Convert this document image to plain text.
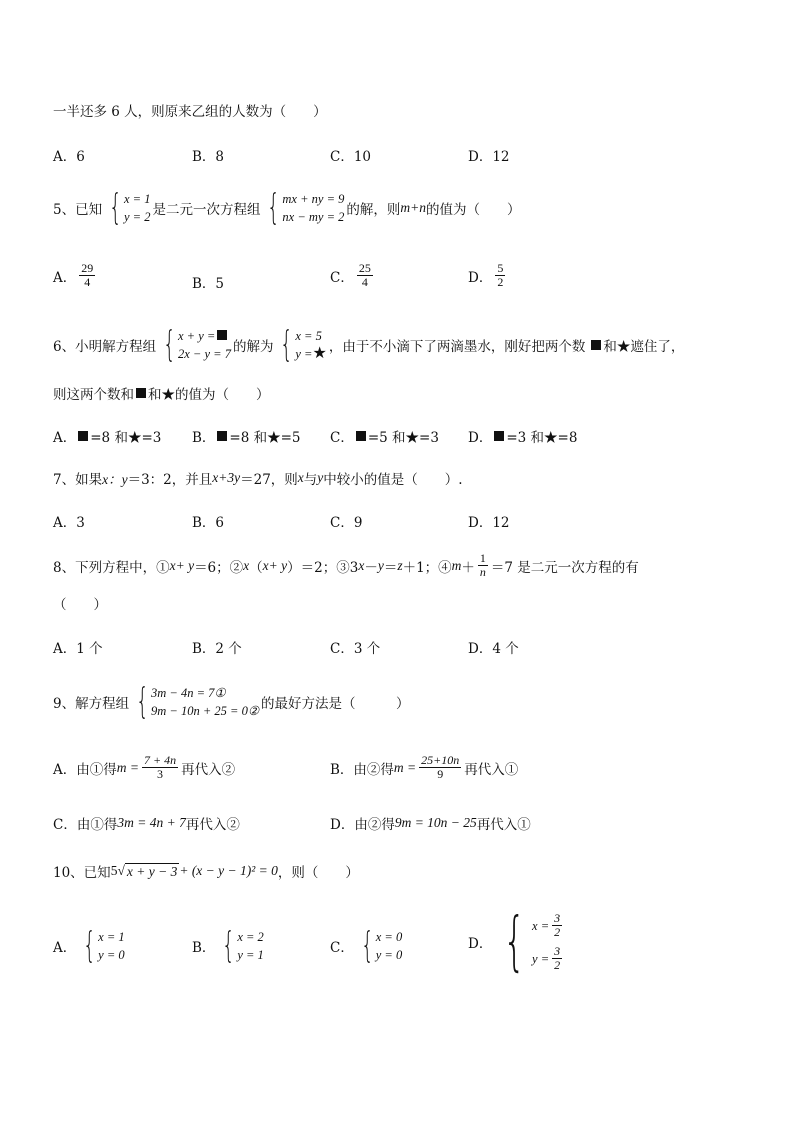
一半还多 6 人，则原来乙组的人数为（　　）
A．6	B．8	C．10	D．12
5、已知 { x = 1
y = 2 是二元一次方程组 { mx + ny = 9
nx − my = 2 的解，则 m+n 的值为（　　）
A． $\frac{29}{4}$	B．5	C． $\frac{25}{4}$	D． $\frac{5}{2}$
6、小明解方程组 { x + y =
2x − y = 7 的解为 { x = 5
y =★ ，由于不小滴下了两滴墨水，刚好把两个数 和★遮住了，
则这两个数和 和★的值为（　　）
A． =8 和★=3 B． =8 和★=5 C． =5 和★=3 D． =3 和★=8
7、如果 x：y ＝3：2，并且 x+3y ＝27，则 x 与 y 中较小的值是（　　）.
A．3	B．6	C．9	D．12
8、下列方程中，① x+ y ＝6；② x （ x+ y ）＝2；③3 x － y ＝ z ＋1；④ $m + \frac{1}{n} =7$ 是二元一次方程的有
（　　）
A．1 个	B．2 个	C．3 个	D．4 个
9、解方程组 { 3m − 4n = 7①
9m − 10n + 25 = 0② 的最好方法是（　　　）
A．由①得 $m = \frac{7 + 4n}{3}$ 再代入②	B．由②得 $m = \frac{25+10n}{9}$ 再代入①
C．由①得 3m = 4n + 7 再代入②	D．由②得 9m = 10n − 25 再代入①
10、已知 5 √ x + y − 3 + (x − y − 1)² = 0 ，则（　　）
A． { x = 1
y = 0	B． { x = 2
y = 1	C． { x = 0
y = 0
D． { $x = \frac{3}{2}$
$y = \frac{3}{2}$
